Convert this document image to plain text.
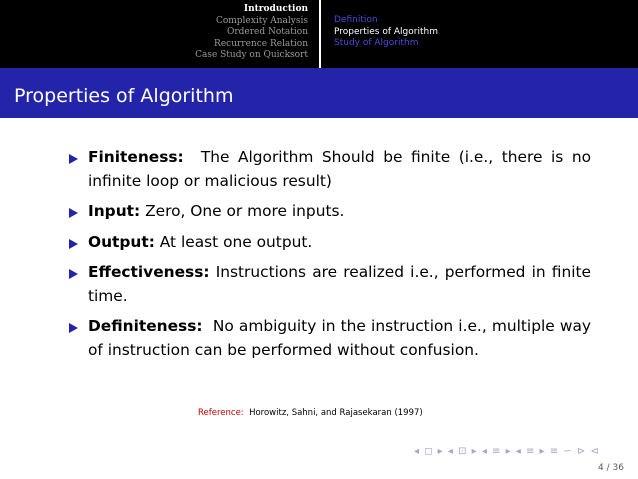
Introduction
Complexity Analysis
Ordered Notation
Recurrence Relation
Case Study on Quicksort
Definition
Properties of Algorithm
Study of Algorithm
Properties of Algorithm
Finiteness: The Algorithm Should be finite (i.e., there is no infinite loop or malicious result)
Input: Zero, One or more inputs.
Output: At least one output.
Effectiveness: Instructions are realized i.e., performed in finite time.
Definiteness: No ambiguity in the instruction i.e., multiple way of instruction can be performed without confusion.
Reference: Horowitz, Sahni, and Rajasekaran (1997)
◂ ◻ ▸ ◂ ⊡ ▸ ◂ ≡ ▸ ◂ ≡ ▸ ≡ ∽ ⊳ ⊲
4 / 36
